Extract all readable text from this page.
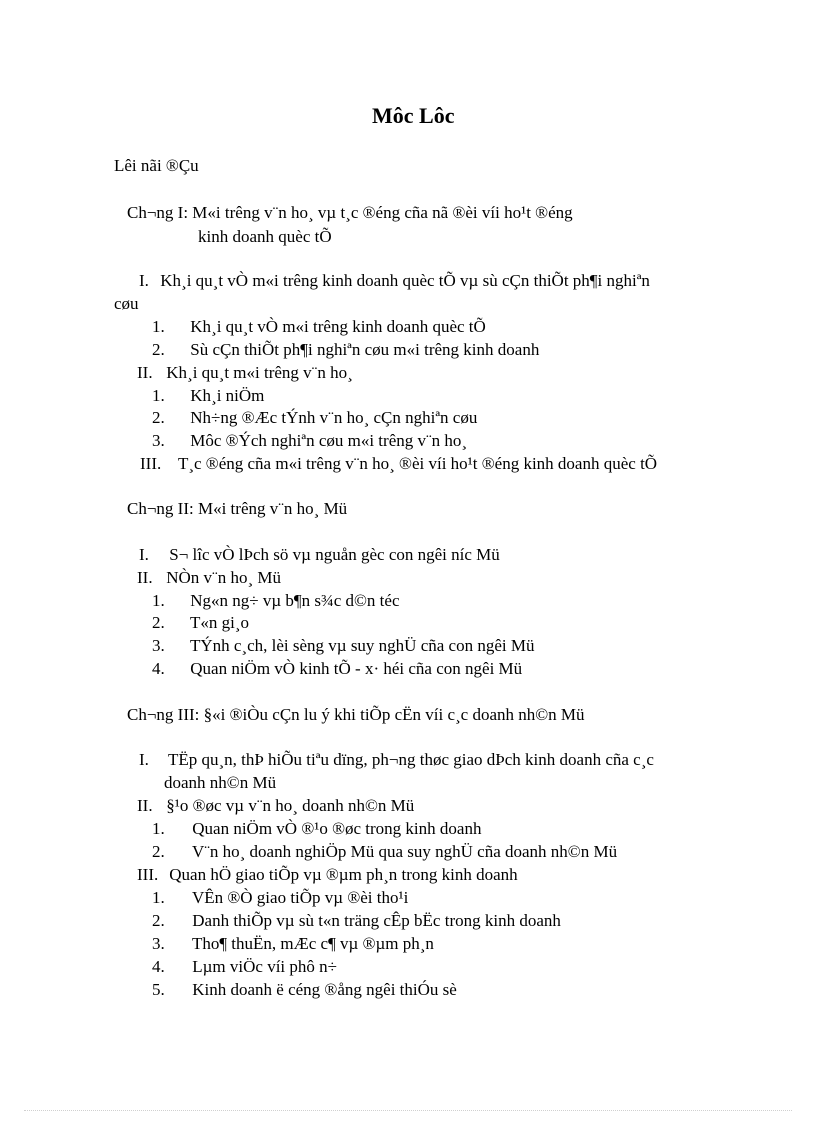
Môc Lôc
Lêi nãi ®Çu
Ch¬ng I: M«i trêng v¨n ho¸ vµ t¸c ®éng cña nã ®èi víi ho¹t ®éng
kinh doanh quèc tÕ
I. Kh¸i qu¸t vÒ m«i trêng kinh doanh quèc tÕ vµ sù cÇn thiÕt ph¶i nghiªn
cøu
1. Kh¸i qu¸t vÒ m«i trêng kinh doanh quèc tÕ
2. Sù cÇn thiÕt ph¶i nghiªn cøu m«i trêng kinh doanh
II. Kh¸i qu¸t m«i trêng v¨n ho¸
1. Kh¸i niÖm
2. Nh÷ng ®Æc tÝnh v¨n ho¸ cÇn nghiªn cøu
3. Môc ®Ých nghiªn cøu m«i trêng v¨n ho¸
III. T¸c ®éng cña m«i trêng v¨n ho¸ ®èi víi ho¹t ®éng kinh doanh quèc tÕ
Ch¬ng II: M«i trêng v¨n ho¸ Mü
I. S¬ lîc vÒ lÞch sö vµ nguån gèc con ngêi níc Mü
II. NÒn v¨n ho¸ Mü
1. Ng«n ng÷ vµ b¶n s¾c d©n téc
2. T«n gi¸o
3. TÝnh c¸ch, lèi sèng vµ suy nghÜ cña con ngêi Mü
4. Quan niÖm vÒ kinh tÕ - x· héi cña con ngêi Mü
Ch¬ng III: §«i ®iÒu cÇn lu ý khi tiÕp cËn víi c¸c doanh nh©n Mü
I. TËp qu¸n, thÞ hiÕu tiªu dïng, ph¬ng thøc giao dÞch kinh doanh cña c¸c
doanh nh©n Mü
II. §¹o ®øc vµ v¨n ho¸ doanh nh©n Mü
1. Quan niÖm vÒ ®¹o ®øc trong kinh doanh
2. V¨n ho¸ doanh nghiÖp Mü qua suy nghÜ cña doanh nh©n Mü
III. Quan hÖ giao tiÕp vµ ®µm ph¸n trong kinh doanh
1. VÊn ®Ò giao tiÕp vµ ®èi tho¹i
2. Danh thiÕp vµ sù t«n träng cÊp bËc trong kinh doanh
3. Tho¶ thuËn, mÆc c¶ vµ ®µm ph¸n
4. Lµm viÖc víi phô n÷
5. Kinh doanh ë céng ®ång ngêi thiÓu sè
